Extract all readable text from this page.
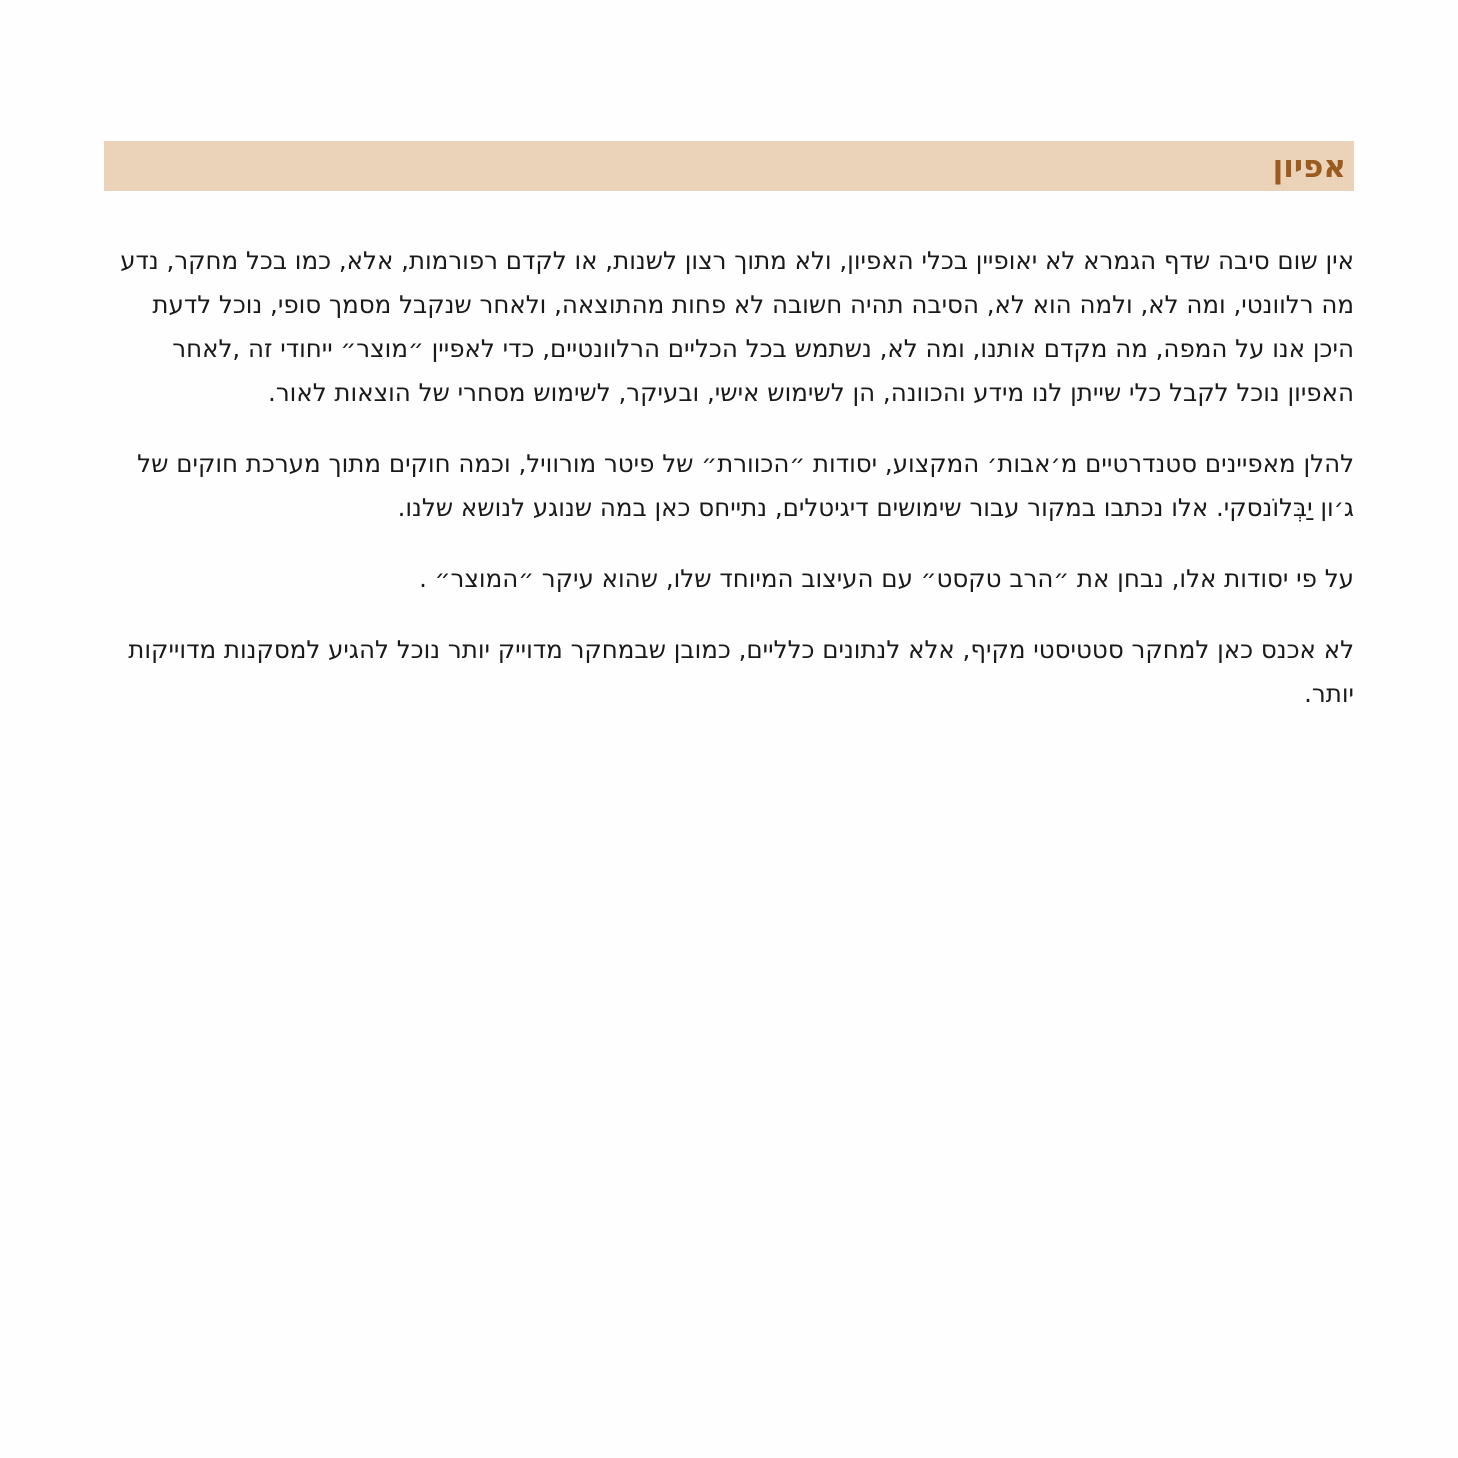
אפיון

אין שום סיבה שדף הגמרא לא יאופיין בכלי האפיון, ולא מתוך רצון לשנות, או לקדם רפורמות, אלא, כמו בכל מחקר, נדע מה רלוונטי, ומה לא, ולמה הוא לא, הסיבה תהיה חשובה לא פחות מהתוצאה, ולאחר שנקבל מסמך סופי, נוכל לדעת היכן אנו על המפה, מה מקדם אותנו, ומה לא, נשתמש בכל הכליים הרלוונטיים, כדי לאפיין ״מוצר״ ייחודי זה ,לאחר האפיון נוכל לקבל כלי שייתן לנו מידע והכוונה, הן לשימוש אישי, ובעיקר, לשימוש מסחרי של הוצאות לאור.

להלן מאפיינים סטנדרטיים מ׳אבות׳ המקצוע, יסודות ״הכוורת״ של פיטר מורוויל, וכמה חוקים מתוך מערכת חוקים של ג׳ון יַבְּלוֹנסקי. אלו נכתבו במקור עבור שימושים דיגיטלים, נתייחס כאן במה שנוגע לנושא שלנו.

על פי יסודות אלו, נבחן את ״הרב טקסט״ עם העיצוב המיוחד שלו, שהוא עיקר ״המוצר״ .

לא אכנס כאן למחקר סטטיסטי מקיף, אלא לנתונים כלליים, כמובן שבמחקר מדוייק יותר נוכל להגיע למסקנות מדוייקות יותר.
